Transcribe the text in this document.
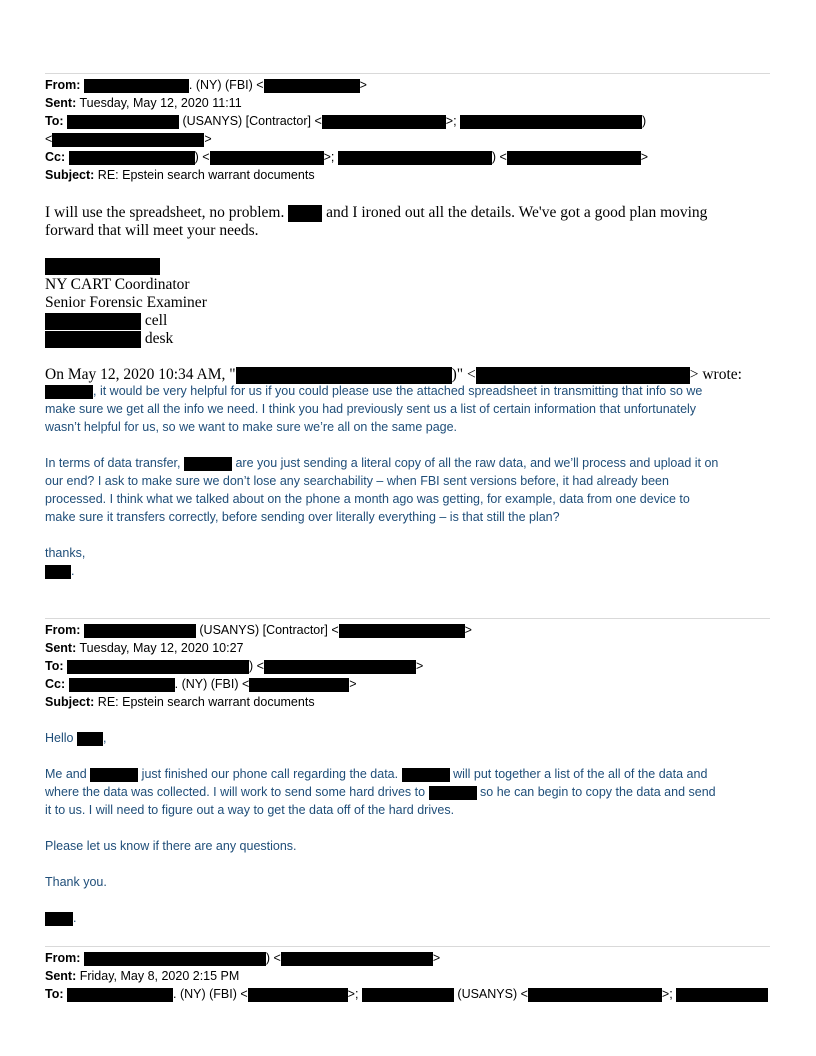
From:	. (NY) (FBI) <	>
Sent: Tuesday, May 12, 2020 11:11
To:	(USANYS) [Contractor] <	>;	)
<	>
Cc:	) <	>;	) <	>
Subject: RE: Epstein search warrant documents
I will use the spreadsheet, no problem.	and I ironed out all the details. We've got a good plan moving
forward that will meet your needs.
NY CART Coordinator
Senior Forensic Examiner
cell
desk
On May 12, 2020 10:34 AM, "	)" <	> wrote:
, it would be very helpful for us if you could please use the attached spreadsheet in transmitting that info so we
make sure we get all the info we need. I think you had previously sent us a list of certain information that unfortunately
wasn’t helpful for us, so we want to make sure we’re all on the same page.
In terms of data transfer,	are you just sending a literal copy of all the raw data, and we’ll process and upload it on
our end? I ask to make sure we don’t lose any searchability – when FBI sent versions before, it had already been
processed. I think what we talked about on the phone a month ago was getting, for example, data from one device to
make sure it transfers correctly, before sending over literally everything – is that still the plan?
thanks,
.
From:	(USANYS) [Contractor] <	>
Sent: Tuesday, May 12, 2020 10:27
To:	) <	>
Cc:	. (NY) (FBI) <	>
Subject: RE: Epstein search warrant documents
Hello ,
Me and	just finished our phone call regarding the data.	will put together a list of the all of the data and
where the data was collected. I will work to send some hard drives to	so he can begin to copy the data and send
it to us. I will need to figure out a way to get the data off of the hard drives.
Please let us know if there are any questions.
Thank you.
.
From:	) <	>
Sent: Friday, May 8, 2020 2:15 PM
To:	. (NY) (FBI) <	>;	(USANYS) <	>;
